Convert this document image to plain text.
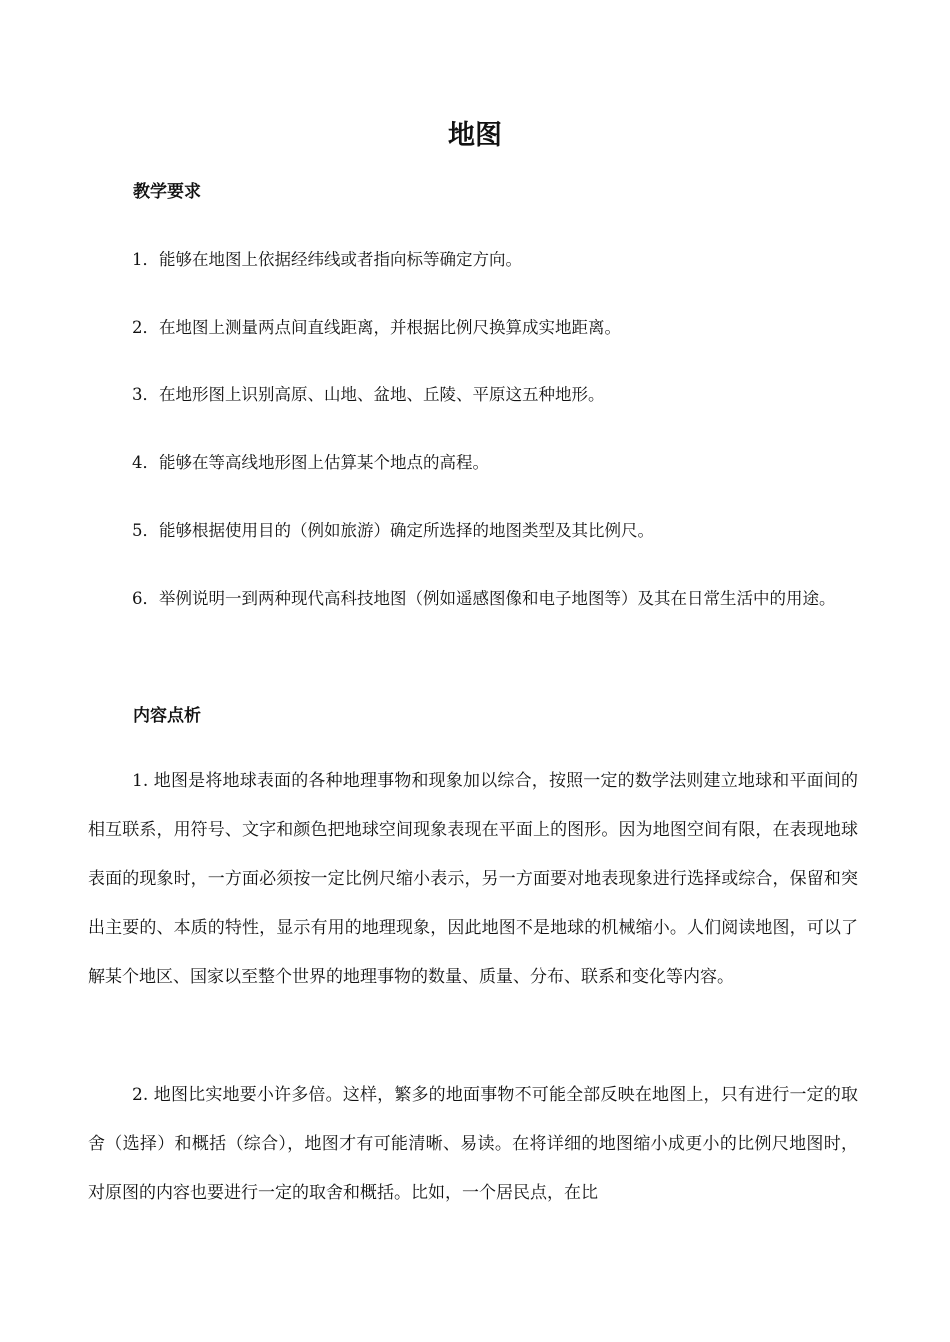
地图
教学要求

1．能够在地图上依据经纬线或者指向标等确定方向。

2．在地图上测量两点间直线距离，并根据比例尺换算成实地距离。

3．在地形图上识别高原、山地、盆地、丘陵、平原这五种地形。

4．能够在等高线地形图上估算某个地点的高程。

5．能够根据使用目的（例如旅游）确定所选择的地图类型及其比例尺。

6．举例说明一到两种现代高科技地图（例如遥感图像和电子地图等）及其在日常生活中的用途。

内容点析

1. 地图是将地球表面的各种地理事物和现象加以综合，按照一定的数学法则建立地球和平面间的相互联系，用符号、文字和颜色把地球空间现象表现在平面上的图形。因为地图空间有限，在表现地球表面的现象时，一方面必须按一定比例尺缩小表示，另一方面要对地表现象进行选择或综合，保留和突出主要的、本质的特性，显示有用的地理现象，因此地图不是地球的机械缩小。人们阅读地图，可以了解某个地区、国家以至整个世界的地理事物的数量、质量、分布、联系和变化等内容。

2. 地图比实地要小许多倍。这样，繁多的地面事物不可能全部反映在地图上，只有进行一定的取舍（选择）和概括（综合），地图才有可能清晰、易读。在将详细的地图缩小成更小的比例尺地图时，对原图的内容也要进行一定的取舍和概括。比如，一个居民点，在比
